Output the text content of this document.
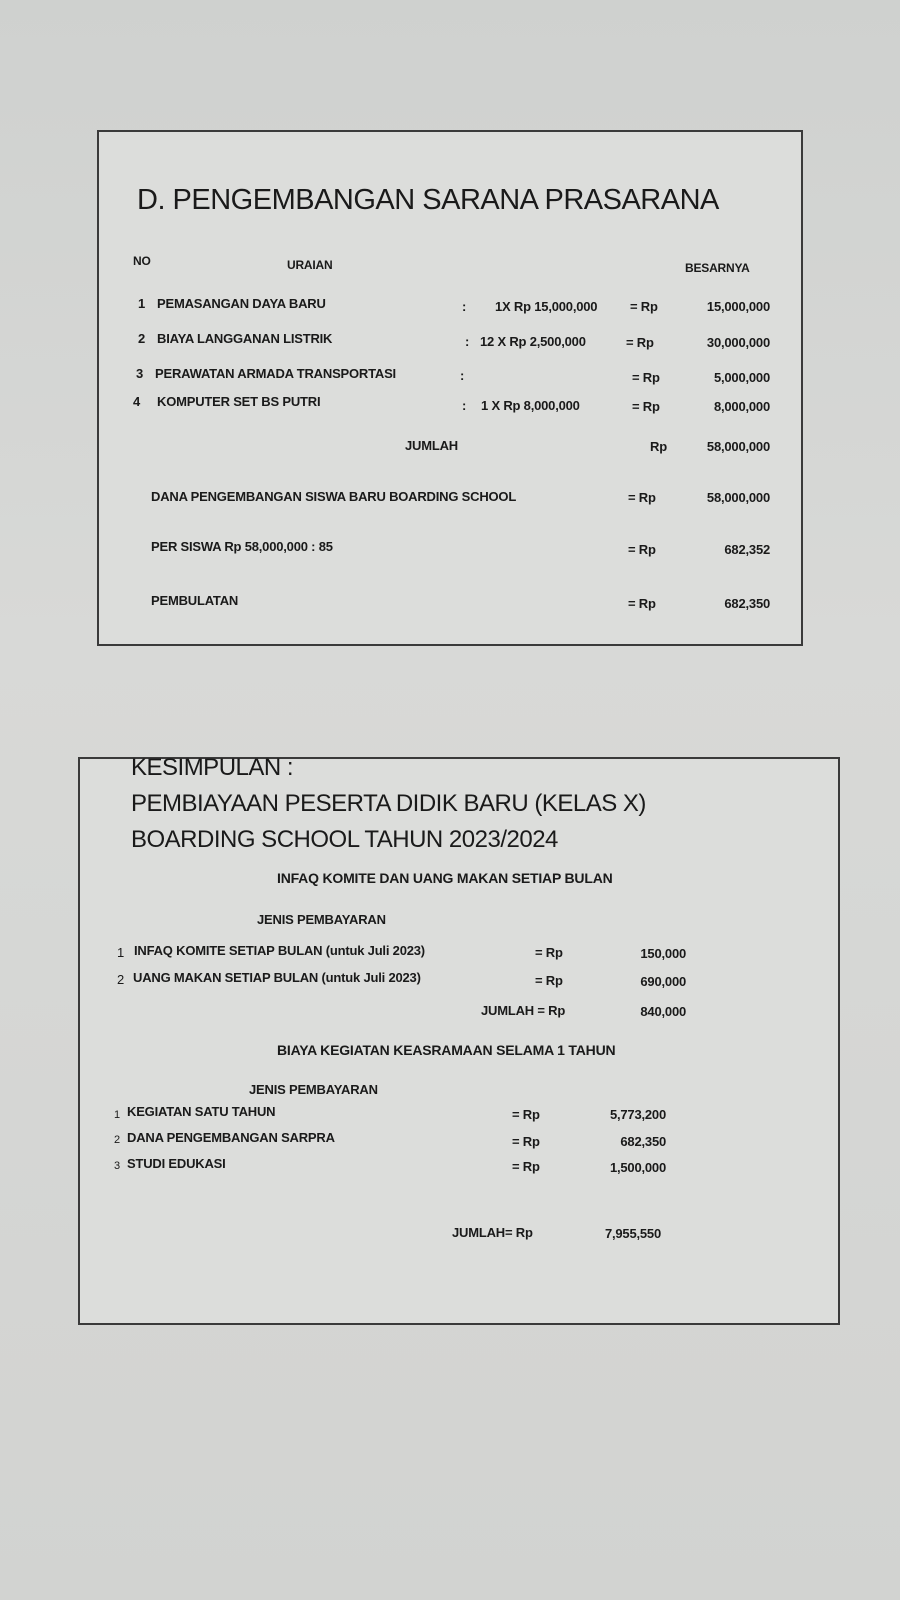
D. PENGEMBANGAN SARANA PRASARANA
NO	URAIAN	BESARNYA
1 PEMASANGAN DAYA BARU	: 1X Rp 15,000,000	= Rp	15,000,000
2 BIAYA LANGGANAN LISTRIK	: 12 X Rp 2,500,000	= Rp	30,000,000
3 PERAWATAN ARMADA TRANSPORTASI	:	= Rp	5,000,000
4 KOMPUTER SET BS PUTRI	: 1 X Rp 8,000,000	= Rp	8,000,000
JUMLAH	Rp	58,000,000
DANA PENGEMBANGAN SISWA BARU BOARDING SCHOOL	= Rp	58,000,000
PER SISWA Rp 58,000,000 : 85	= Rp	682,352
PEMBULATAN	= Rp	682,350
KESIMPULAN :
PEMBIAYAAN PESERTA DIDIK BARU (KELAS X)
BOARDING SCHOOL TAHUN 2023/2024
INFAQ KOMITE DAN UANG MAKAN SETIAP BULAN
JENIS PEMBAYARAN
1 INFAQ KOMITE SETIAP BULAN (untuk Juli 2023)	= Rp	150,000
2 UANG MAKAN SETIAP BULAN (untuk Juli 2023)	= Rp	690,000
JUMLAH = Rp	840,000
BIAYA KEGIATAN KEASRAMAAN SELAMA 1 TAHUN
JENIS PEMBAYARAN
1 KEGIATAN SATU TAHUN	= Rp	5,773,200
2 DANA PENGEMBANGAN SARPRA	= Rp	682,350
3 STUDI EDUKASI	= Rp	1,500,000
JUMLAH= Rp	7,955,550
